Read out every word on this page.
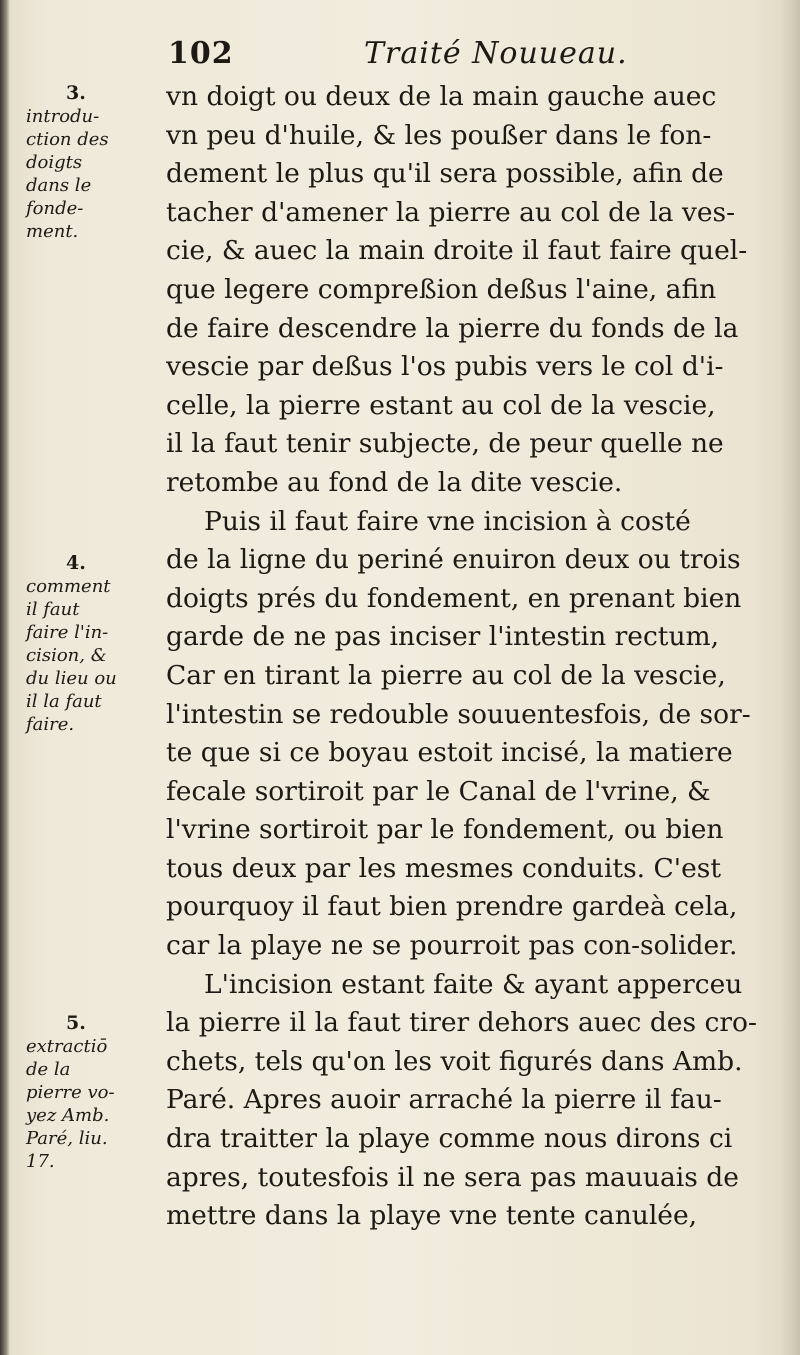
102	Traité Nouueau.
3.
introdu-
ction des
doigts
dans le
fonde-
ment.
4.
comment
il faut
faire l'in-
cision, &
du lieu ou
il la faut
faire.
5.
extractiō
de la
pierre vo-
yez Amb.
Paré, liu.
17.
vn doigt ou deux de la main gauche auec
vn peu d'huile, & les poußer dans le fon-
dement le plus qu'il sera possible, afin de
tacher d'amener la pierre au col de la ves-
cie, & auec la main droite il faut faire quel-
que legere compreßion deßus l'aine, afin
de faire descendre la pierre du fonds de la
vescie par deßus l'os pubis vers le col d'i-
celle, la pierre estant au col de la vescie,
il la faut tenir subjecte, de peur quelle ne
retombe au fond de la dite vescie.
Puis il faut faire vne incision à costé
de la ligne du periné enuiron deux ou trois
doigts prés du fondement, en prenant bien
garde de ne pas inciser l'intestin rectum,
Car en tirant la pierre au col de la vescie,
l'intestin se redouble souuentesfois, de sor-
te que si ce boyau estoit incisé, la matiere
fecale sortiroit par le Canal de l'vrine, &
l'vrine sortiroit par le fondement, ou bien
tous deux par les mesmes conduits. C'est
pourquoy il faut bien prendre gardeà cela,
car la playe ne se pourroit pas con-solider.
L'incision estant faite & ayant apperceu
la pierre il la faut tirer dehors auec des cro-
chets, tels qu'on les voit figurés dans Amb.
Paré. Apres auoir arraché la pierre il fau-
dra traitter la playe comme nous dirons ci
apres, toutesfois il ne sera pas mauuais de
mettre dans la playe vne tente canulée,
